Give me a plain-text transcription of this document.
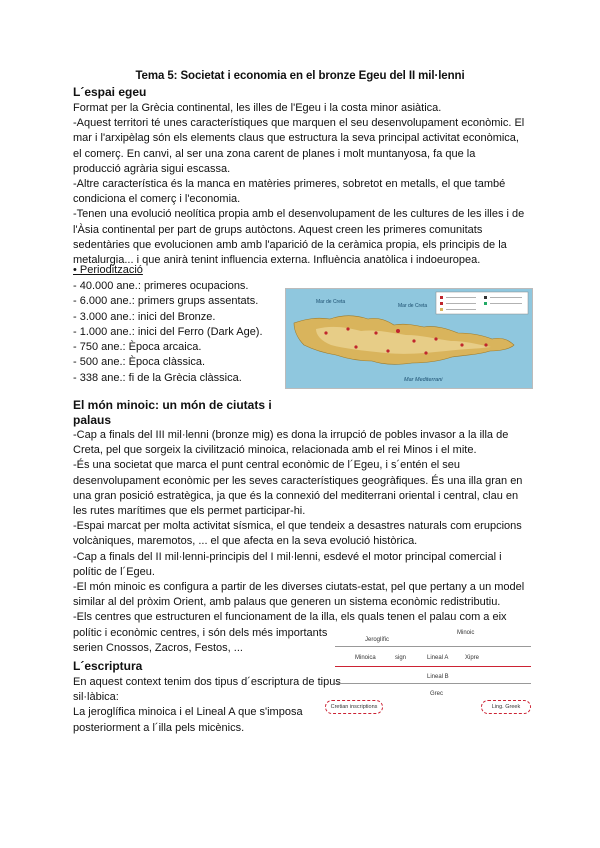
Tema 5: Societat i economia en el bronze Egeu del II mil·lenni
L´espai egeu
Format per la Grècia continental, les illes de l'Egeu i la costa minor asiàtica.
-Aquest territori té unes característiques que marquen el seu desenvolupament econòmic. El
mar i l'arxipèlag són els elements claus que estructura la seva principal activitat econòmica,
el comerç. En canvi, al ser una zona carent de planes i molt muntanyosa, fa que la
producció agrària sigui escassa.
-Altre característica és la manca en matèries primeres, sobretot en metalls, el que també
condiciona el comerç i l'economia.
-Tenen una evolució neolítica propia amb el desenvolupament de les cultures de les illes i de
l'Àsia continental per part de grups autòctons. Aquest creen les primeres comunitats
sedentàries que evolucionen amb amb l'aparició de la ceràmica propia, els principis de la
metalurgia... i que anirà tenint influencia externa. Influència anatòlica i indoeuropea.
• Periodització
- 40.000 ane.: primeres ocupacions.
- 6.000 ane.: primers grups assentats.
- 3.000 ane.: inici del Bronze.
- 1.000 ane.: inici del Ferro (Dark Age).
- 750 ane.: Època arcaica.
- 500 ane.: Època clàssica.
- 338 ane.: fi de la Grècia clàssica.
Mar de Creta
Mar de Creta
Mar Mediterrani
El món minoic: un món de ciutats i
palaus
-Cap a finals del III mil·lenni (bronze mig) es dona la irrupció de pobles invasor a la illa de
Creta, pel que sorgeix la civilització minoica, relacionada amb el rei Minos i el mite.
-És una societat que marca el punt central econòmic de l´Egeu, i s´entén el seu
desenvolupament econòmic per les seves característiques geogràfiques. És una illa gran en
una gran posició estratègica, ja que és la connexió del mediterrani oriental i central, clau en
les rutes marítimes que els permet participar-hi.
-Espai marcat per molta activitat sísmica, el que tendeix a desastres naturals com erupcions
volcàniques, maremotos, ... el que afecta en la seva evolució històrica.
-Cap a finals del II mil·lenni-principis del I mil·lenni, esdevé el motor principal comercial i
polític de l´Egeu.
-El món minoic es configura a partir de les diverses ciutats-estat, pel que pertany a un model
similar al del pròxim Orient, amb palaus que generen un sistema econòmic redistributiu.
-Els centres que estructuren el funcionament de la illa, els quals tenen el palau com a eix
polític i econòmic centres, i són dels més importants
serien Cnossos, Zacros, Festos, ...
L´escriptura
En aquest context tenim dos tipus d´escriptura de tipus
sil·làbica:
La jeroglífica minoica i el Lineal A que s'imposa
posteriorment a l´illa pels micènics.
Minoic
Jeroglífic
Minoica	sign	Lineal A	Xipre
Lineal B
Grec
Cretian inscriptions	Ling. Greek
